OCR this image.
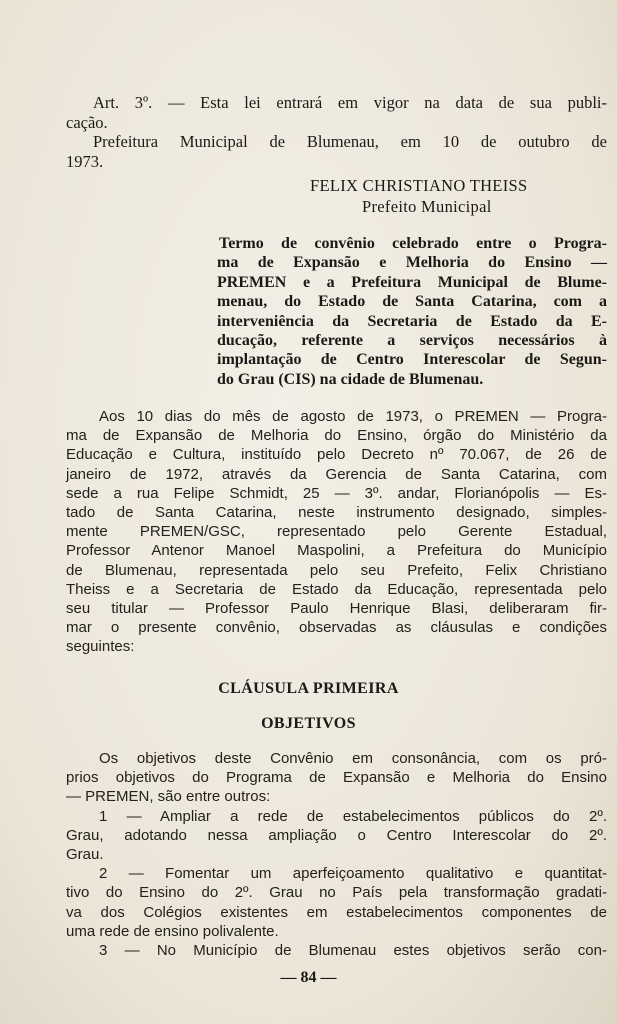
Art. 3º. — Esta lei entrará em vigor na data de sua publi-
cação.
Prefeitura Municipal de Blumenau, em 10 de outubro de
1973.
FELIX CHRISTIANO THEISS
Prefeito Municipal
Termo de convênio celebrado entre o Progra-
ma de Expansão e Melhoria do Ensino —
PREMEN e a Prefeitura Municipal de Blume-
menau, do Estado de Santa Catarina, com a
interveniência da Secretaria de Estado da E-
ducação, referente a serviços necessários à
implantação de Centro Interescolar de Segun-
do Grau (CIS) na cidade de Blumenau.
Aos 10 dias do mês de agosto de 1973, o PREMEN — Progra-
ma de Expansão de Melhoria do Ensino, órgão do Ministério da
Educação e Cultura, instituído pelo Decreto nº 70.067, de 26 de
janeiro de 1972, através da Gerencia de Santa Catarina, com
sede a rua Felipe Schmidt, 25 — 3º. andar, Florianópolis — Es-
tado de Santa Catarina, neste instrumento designado, simples-
mente PREMEN/GSC, representado pelo Gerente Estadual,
Professor Antenor Manoel Maspolini, a Prefeitura do Município
de Blumenau, representada pelo seu Prefeito, Felix Christiano
Theiss e a Secretaria de Estado da Educação, representada pelo
seu titular — Professor Paulo Henrique Blasi, deliberaram fir-
mar o presente convênio, observadas as cláusulas e condições
seguintes:
CLÁUSULA PRIMEIRA
OBJETIVOS
Os objetivos deste Convênio em consonância, com os pró-
prios objetivos do Programa de Expansão e Melhoria do Ensino
— PREMEN, são entre outros:
1 — Ampliar a rede de estabelecimentos públicos do 2º.
Grau, adotando nessa ampliação o Centro Interescolar do 2º.
Grau.
2 — Fomentar um aperfeiçoamento qualitativo e quantitat-
tivo do Ensino do 2º. Grau no País pela transformação gradati-
va dos Colégios existentes em estabelecimentos componentes de
uma rede de ensino polivalente.
3 — No Município de Blumenau estes objetivos serão con-
— 84 —
